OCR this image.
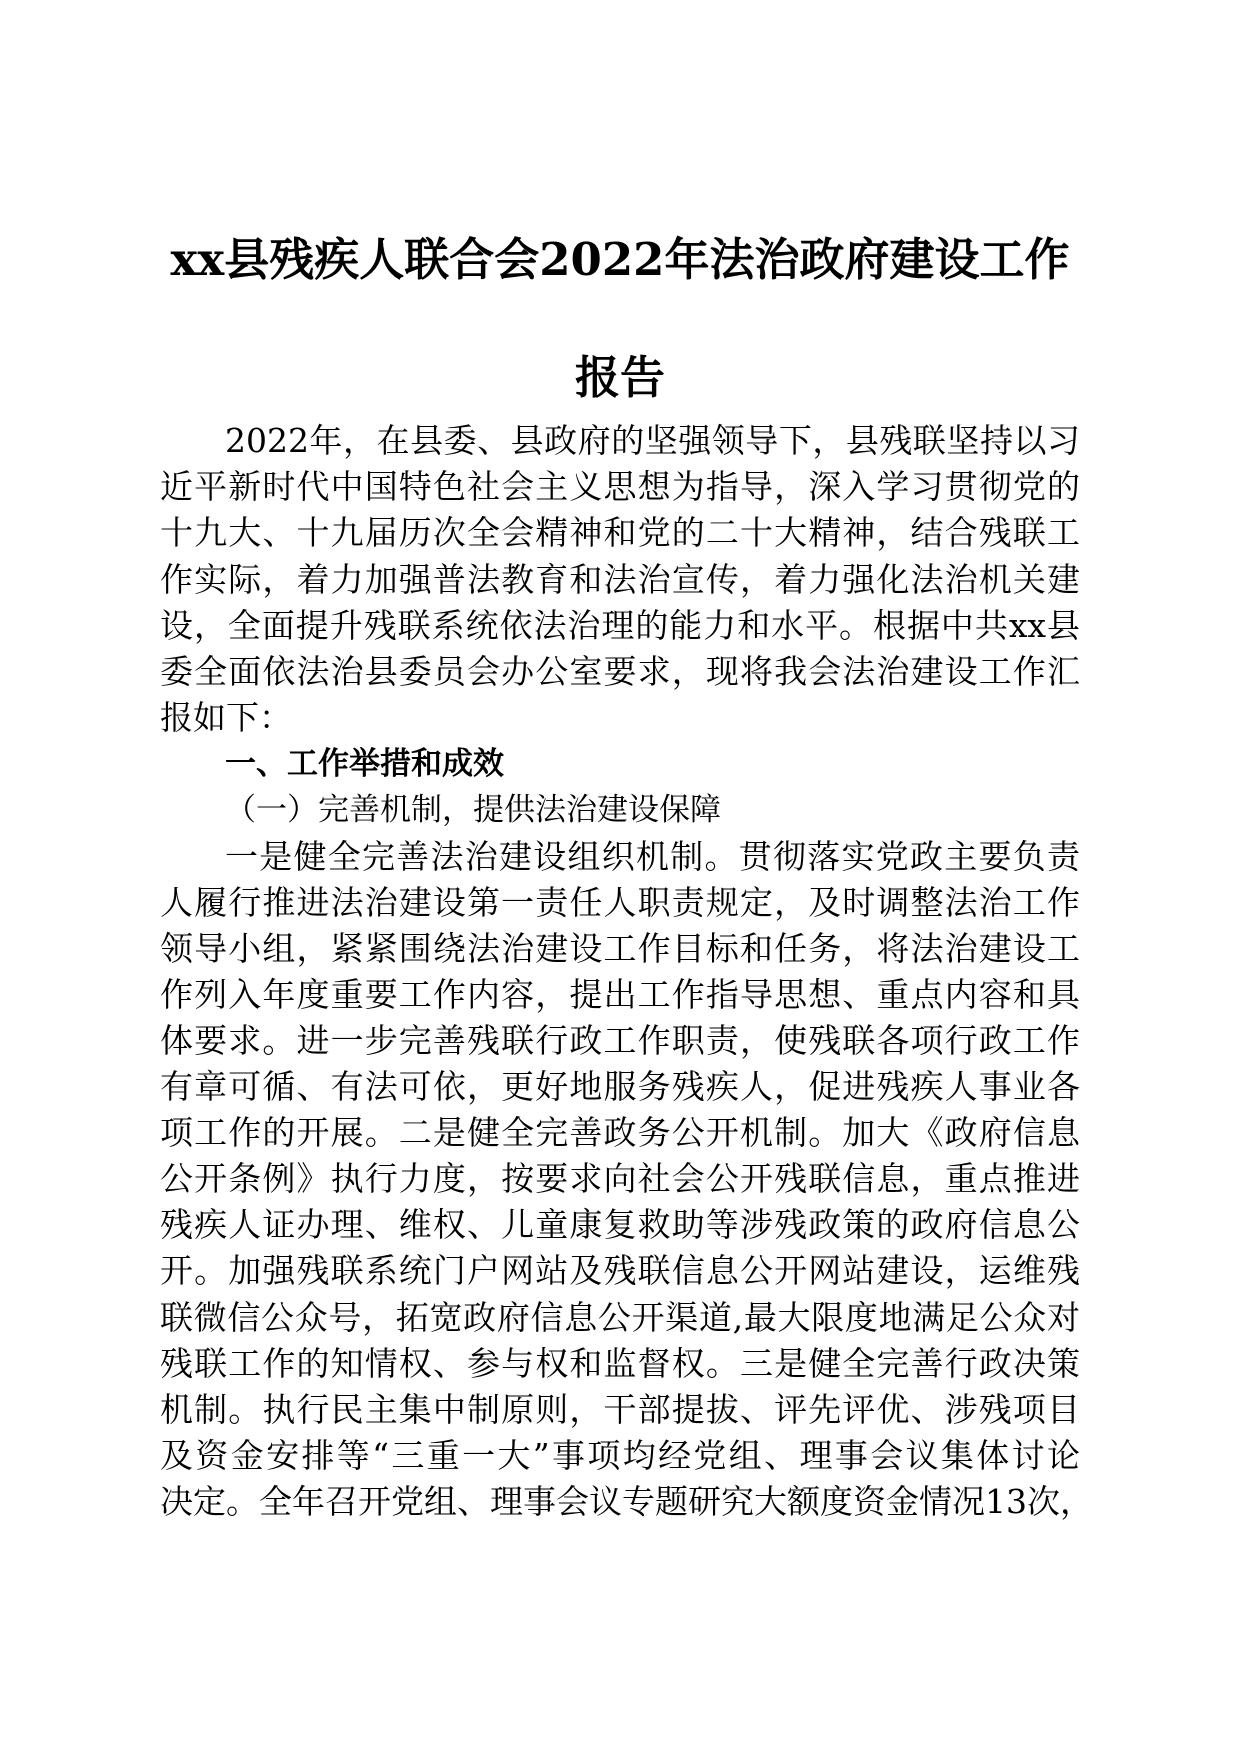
xx县残疾人联合会2022年法治政府建设工作
报告
2022年，在县委、县政府的坚强领导下，县残联坚持以习
近平新时代中国特色社会主义思想为指导，深入学习贯彻党的
十九大、十九届历次全会精神和党的二十大精神，结合残联工
作实际，着力加强普法教育和法治宣传，着力强化法治机关建
设，全面提升残联系统依法治理的能力和水平。根据中共xx县
委全面依法治县委员会办公室要求，现将我会法治建设工作汇
报如下：
一、工作举措和成效
（一）完善机制，提供法治建设保障
一是健全完善法治建设组织机制。贯彻落实党政主要负责
人履行推进法治建设第一责任人职责规定，及时调整法治工作
领导小组，紧紧围绕法治建设工作目标和任务，将法治建设工
作列入年度重要工作内容，提出工作指导思想、重点内容和具
体要求。进一步完善残联行政工作职责，使残联各项行政工作
有章可循、有法可依，更好地服务残疾人，促进残疾人事业各
项工作的开展。二是健全完善政务公开机制。加大《政府信息
公开条例》执行力度，按要求向社会公开残联信息，重点推进
残疾人证办理、维权、儿童康复救助等涉残政策的政府信息公
开。加强残联系统门户网站及残联信息公开网站建设，运维残
联微信公众号，拓宽政府信息公开渠道,最大限度地满足公众对
残联工作的知情权、参与权和监督权。三是健全完善行政决策
机制。执行民主集中制原则，干部提拔、评先评优、涉残项目
及资金安排等“三重一大”事项均经党组、理事会议集体讨论
决定。全年召开党组、理事会议专题研究大额度资金情况13次，
